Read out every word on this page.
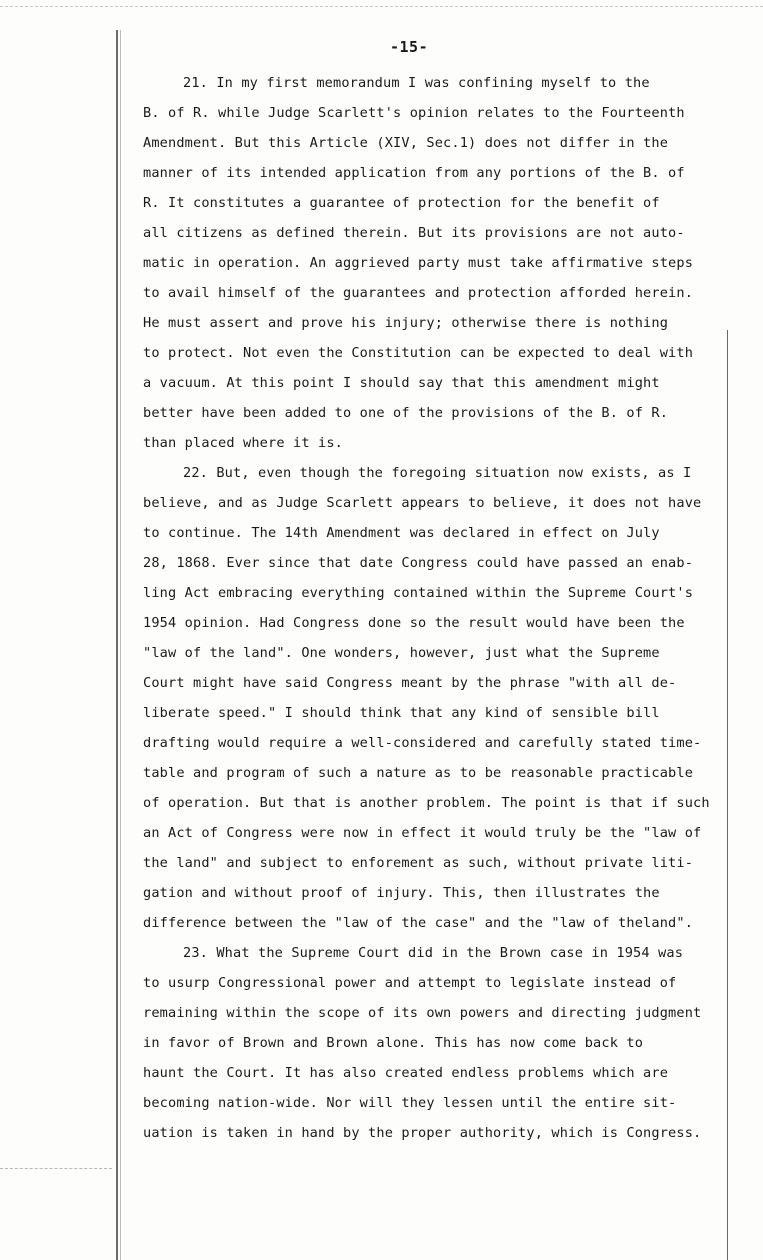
-15-
21. In my first memorandum I was confining myself to the
B. of R. while Judge Scarlett's opinion relates to the Fourteenth
Amendment. But this Article (XIV, Sec.1) does not differ in the
manner of its intended application from any portions of the B. of
R. It constitutes a guarantee of protection for the benefit of
all citizens as defined therein. But its provisions are not auto-
matic in operation. An aggrieved party must take affirmative steps
to avail himself of the guarantees and protection afforded herein.
He must assert and prove his injury; otherwise there is nothing
to protect. Not even the Constitution can be expected to deal with
a vacuum. At this point I should say that this amendment might
better have been added to one of the provisions of the B. of R.
than placed where it is.
22. But, even though the foregoing situation now exists, as I
believe, and as Judge Scarlett appears to believe, it does not have
to continue. The 14th Amendment was declared in effect on July
28, 1868. Ever since that date Congress could have passed an enab-
ling Act embracing everything contained within the Supreme Court's
1954 opinion. Had Congress done so the result would have been the
"law of the land". One wonders, however, just what the Supreme
Court might have said Congress meant by the phrase "with all de-
liberate speed." I should think that any kind of sensible bill
drafting would require a well-considered and carefully stated time-
table and program of such a nature as to be reasonable practicable
of operation. But that is another problem. The point is that if such
an Act of Congress were now in effect it would truly be the "law of
the land" and subject to enforement as such, without private liti-
gation and without proof of injury. This, then illustrates the
difference between the "law of the case" and the "law of theland".
23. What the Supreme Court did in the Brown case in 1954 was
to usurp Congressional power and attempt to legislate instead of
remaining within the scope of its own powers and directing judgment
in favor of Brown and Brown alone. This has now come back to
haunt the Court. It has also created endless problems which are
becoming nation-wide. Nor will they lessen until the entire sit-
uation is taken in hand by the proper authority, which is Congress.
